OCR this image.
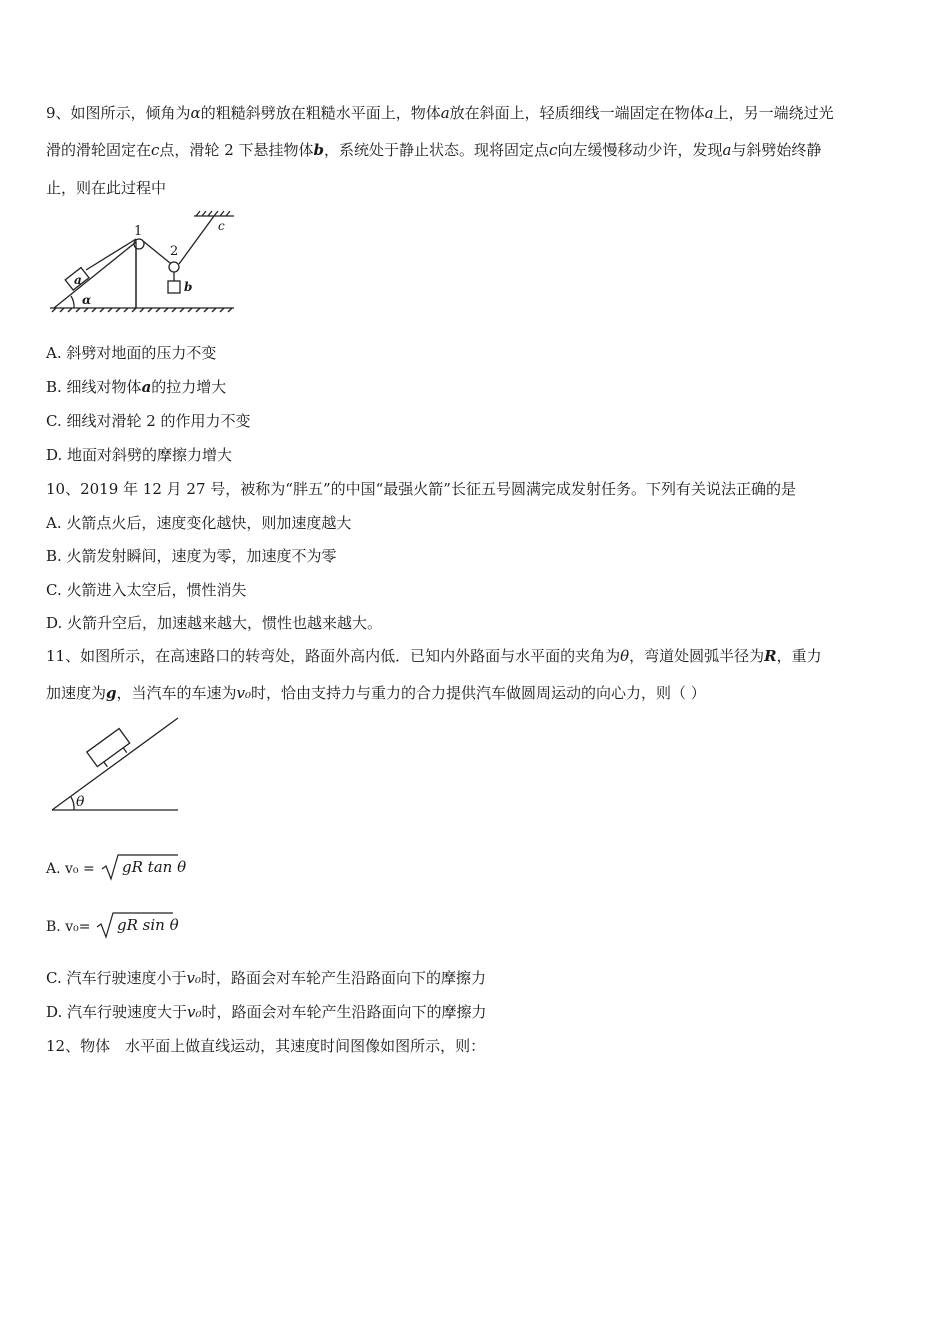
9、如图所示，倾角为α的粗糙斜劈放在粗糙水平面上，物体a放在斜面上，轻质细线一端固定在物体a上，另一端绕过光
滑的滑轮固定在c点，滑轮 2 下悬挂物体b，系统处于静止状态。现将固定点c向左缓慢移动少许，发现a与斜劈始终静
止，则在此过程中
1
2
a	b
c
α
A. 斜劈对地面的压力不变
B. 细线对物体a的拉力增大
C. 细线对滑轮 2 的作用力不变
D. 地面对斜劈的摩擦力增大
10、2019 年 12 月 27 号，被称为“胖五”的中国“最强火箭”长征五号圆满完成发射任务。下列有关说法正确的是
A. 火箭点火后，速度变化越快，则加速度越大
B. 火箭发射瞬间，速度为零，加速度不为零
C. 火箭进入太空后，惯性消失
D. 火箭升空后，加速越来越大，惯性也越来越大。
11、如图所示，在高速路口的转弯处，路面外高内低．已知内外路面与水平面的夹角为θ，弯道处圆弧半径为R，重力
加速度为g，当汽车的车速为v₀时，恰由支持力与重力的合力提供汽车做圆周运动的向心力，则（ ）
θ
A. v₀ = gR tan θ
B. v₀= gR sin θ
C. 汽车行驶速度小于v₀时，路面会对车轮产生沿路面向下的摩擦力
D. 汽车行驶速度大于v₀时，路面会对车轮产生沿路面向下的摩擦力
12、物体　水平面上做直线运动，其速度时间图像如图所示，则：
